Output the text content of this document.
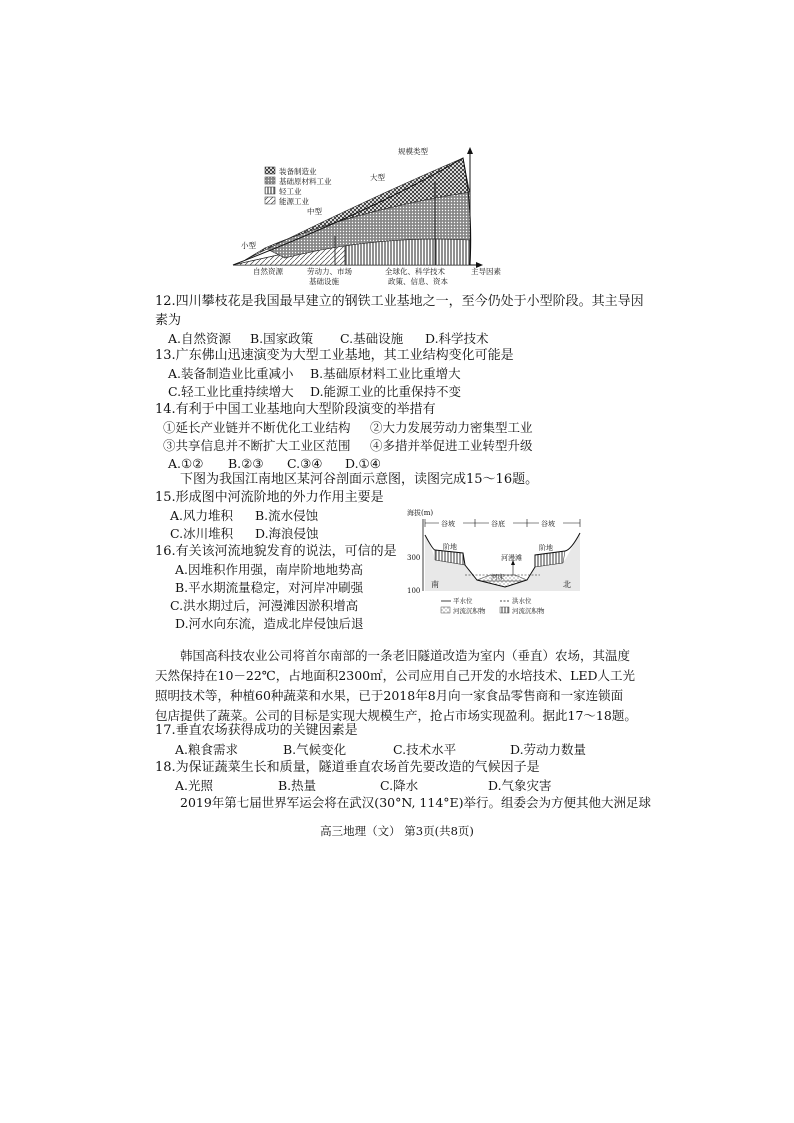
装备制造业
基础原材料工业
轻工业
能源工业
规模类型
大型
中型
小型
自然资源	劳动力、市场
基础设施
全球化、科学技术
政策、信息、资本
主导因素
12.四川攀枝花是我国最早建立的钢铁工业基地之一，至今仍处于小型阶段。其主导因
素为
A.自然资源 B.国家政策 C.基础设施 D.科学技术
13.广东佛山迅速演变为大型工业基地，其工业结构变化可能是
A.装备制造业比重减小 B.基础原材料工业比重增大
C.轻工业比重持续增大 D.能源工业的比重保持不变
14.有利于中国工业基地向大型阶段演变的举措有
①延长产业链并不断优化工业结构 ②大力发展劳动力密集型工业
③共享信息并不断扩大工业区范围 ④多措并举促进工业转型升级
A.①② B.②③ C.③④ D.①④
下图为我国江南地区某河谷剖面示意图，读图完成15～16题。
15.形成图中河流阶地的外力作用主要是
A.风力堆积 B.流水侵蚀
C.冰川堆积 D.海浪侵蚀
16.有关该河流地貌发育的说法，可信的是
A.因堆积作用强，南岸阶地地势高
B.平水期流量稳定，对河岸冲刷强
C.洪水期过后，河漫滩因淤积增高
D.河水向东流，造成北岸侵蚀后退
海拔(m)
300
100
谷坡	谷底	谷坡
阶地	阶地
河漫滩
河床
南	北
平水位	洪水位
河流沉积物	河流沉积物
韩国高科技农业公司将首尔南部的一条老旧隧道改造为室内（垂直）农场，其温度
天然保持在10－22℃，占地面积2300㎡，公司应用自己开发的水培技术、LED人工光
照明技术等，种植60种蔬菜和水果，已于2018年8月向一家食品零售商和一家连锁面
包店提供了蔬菜。公司的目标是实现大规模生产，抢占市场实现盈利。据此17～18题。
17.垂直农场获得成功的关键因素是
A.粮食需求	B.气候变化	C.技术水平	D.劳动力数量
18.为保证蔬菜生长和质量，隧道垂直农场首先要改造的气候因子是
A.光照	B.热量	C.降水	D.气象灾害
2019年第七届世界军运会将在武汉(30°N, 114°E)举行。组委会为方便其他大洲足球
高三地理（文） 第3页(共8页)
